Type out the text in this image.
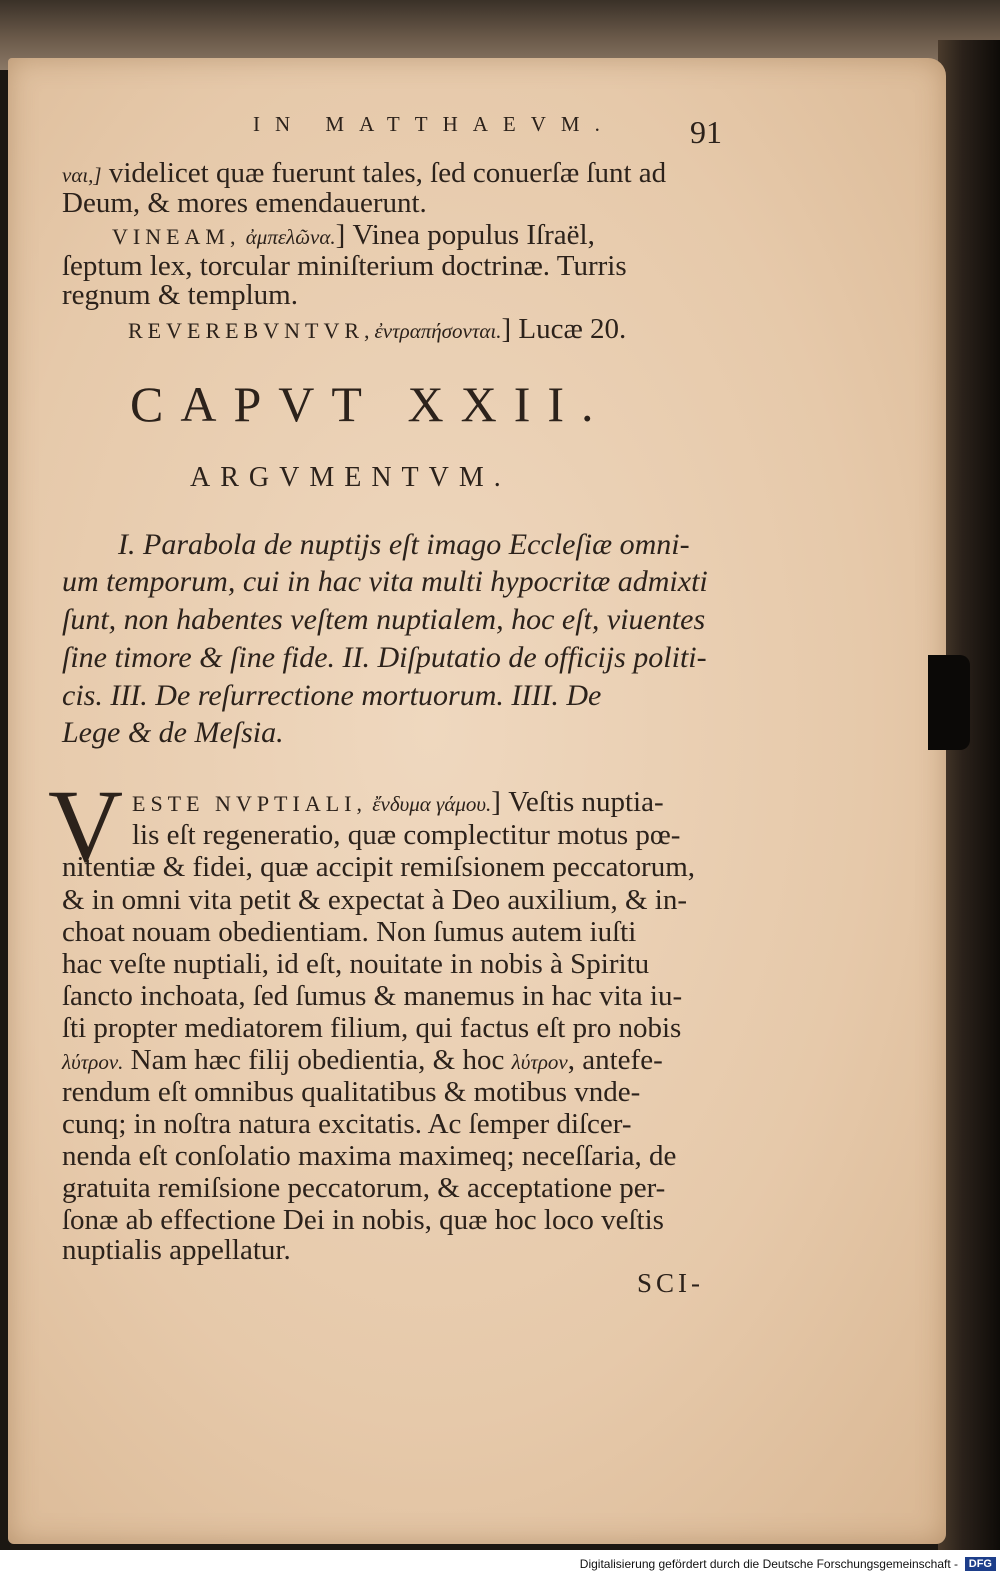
IN MATTHAEVM. 91
ναι,] videlicet quæ fuerunt tales, ſed conuerſæ ſunt ad
Deum, & mores emendauerunt.
VINEAM, ἀμπελῶνα.] Vinea populus Iſraël,
ſeptum lex, torcular miniſterium doctrinæ. Turris
regnum & templum.
REVEREBVNTVR,ἐντραπήσονται.] Lucæ 20.
CAPVT XXII.
ARGVMENTVM.
I. Parabola de nuptijs eſt imago Eccleſiæ omni-
um temporum, cui in hac vita multi hypocritæ admixti
ſunt, non habentes veſtem nuptialem, hoc eſt, viuentes
ſine timore & ſine fide. II. Diſputatio de officijs politi-
cis. III. De reſurrectione mortuorum. IIII. De
Lege & de Meſsia.
V ESTE NVPTIALI, ἔνδυμα γάμου.] Veſtis nuptia-
lis eſt regeneratio, quæ complectitur motus pœ-
nitentiæ & fidei, quæ accipit remiſsionem peccatorum,
& in omni vita petit & expectat à Deo auxilium, & in-
choat nouam obedientiam. Non ſumus autem iuſti
hac veſte nuptiali, id eſt, nouitate in nobis à Spiritu
ſancto inchoata, ſed ſumus & manemus in hac vita iu-
ſti propter mediatorem filium, qui factus eſt pro nobis
λύτρον. Nam hæc filij obedientia, & hoc λύτρον, antefe-
rendum eſt omnibus qualitatibus & motibus vnde-
cunq; in noſtra natura excitatis. Ac ſemper diſcer-
nenda eſt conſolatio maxima maximeq; neceſſaria, de
gratuita remiſsione peccatorum, & acceptatione per-
ſonæ ab effectione Dei in nobis, quæ hoc loco veſtis
nuptialis appellatur.
SCI-
Digitalisierung gefördert durch die Deutsche Forschungsgemeinschaft - DFG
